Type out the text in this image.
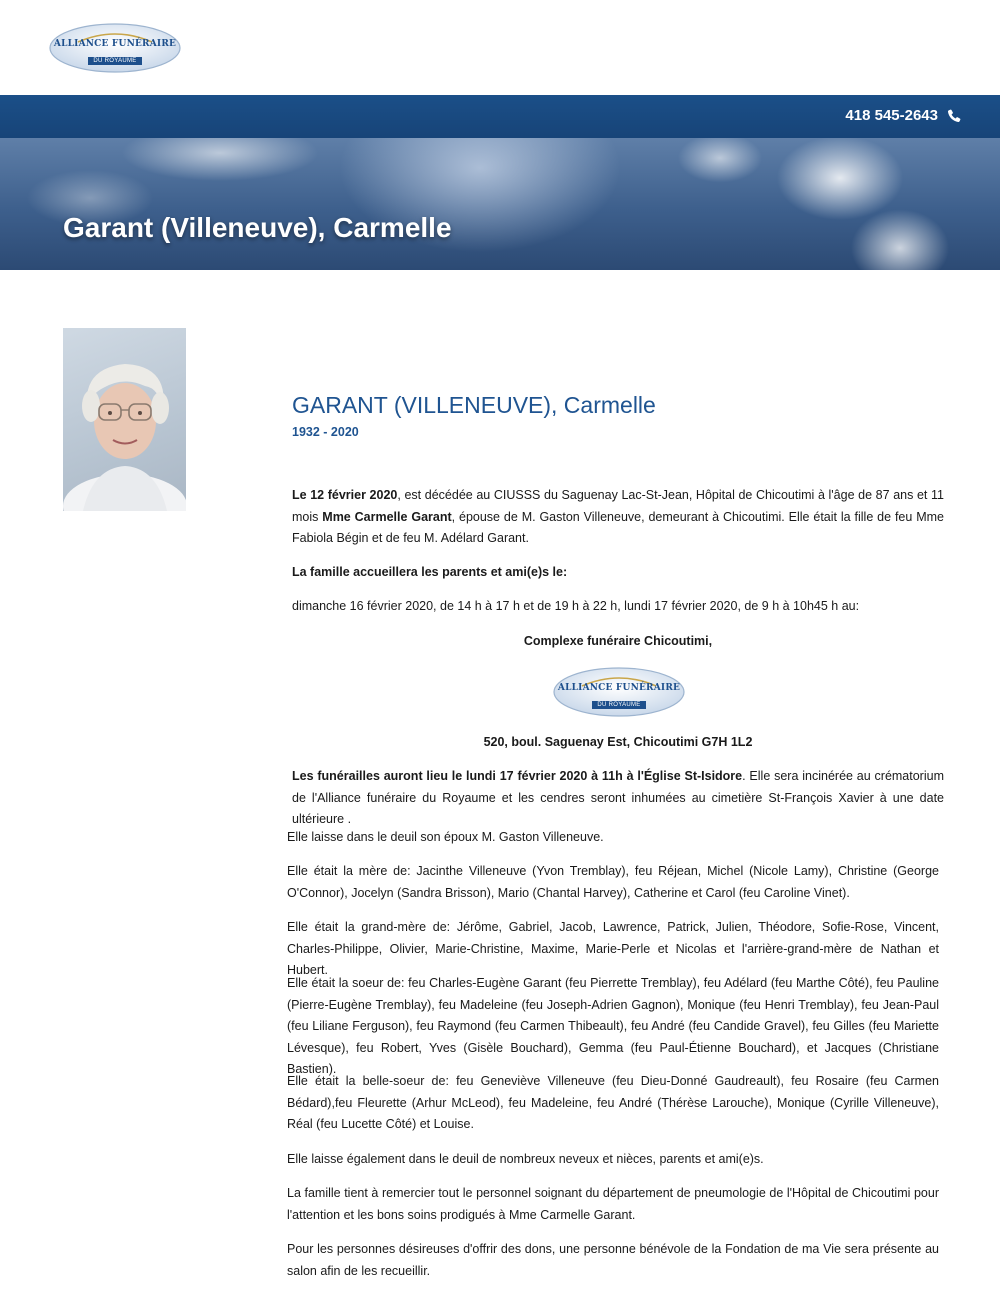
ALLIANCE FUNÉRAIRE
DU ROYAUME
418 545-2643
Garant (Villeneuve), Carmelle
GARANT (VILLENEUVE), Carmelle
1932 - 2020
Le 12 février 2020, est décédée au CIUSSS du Saguenay Lac-St-Jean, Hôpital de Chicoutimi à l'âge de 87 ans et 11 mois Mme Carmelle Garant, épouse de M. Gaston Villeneuve, demeurant à Chicoutimi. Elle était la fille de feu Mme Fabiola Bégin et de feu M. Adélard Garant.
La famille accueillera les parents et ami(e)s le:
dimanche 16 février 2020, de 14 h à 17 h et de 19 h à 22 h, lundi 17 février 2020, de 9 h à 10h45 h au:
Complexe funéraire Chicoutimi,
ALLIANCE FUNÉRAIRE
DU ROYAUME
520, boul. Saguenay Est, Chicoutimi G7H 1L2
Les funérailles auront lieu le lundi 17 février 2020 à 11h à l'Église St-Isidore. Elle sera incinérée au crématorium de l'Alliance funéraire du Royaume et les cendres seront inhumées au cimetière St-François Xavier à une date ultérieure .
Elle laisse dans le deuil son époux M. Gaston Villeneuve.
Elle était la mère de: Jacinthe Villeneuve (Yvon Tremblay), feu Réjean, Michel (Nicole Lamy), Christine (George O'Connor), Jocelyn (Sandra Brisson), Mario (Chantal Harvey), Catherine et Carol (feu Caroline Vinet).
Elle était la grand-mère de: Jérôme, Gabriel, Jacob, Lawrence, Patrick, Julien, Théodore, Sofie-Rose, Vincent, Charles-Philippe, Olivier, Marie-Christine, Maxime, Marie-Perle et Nicolas et l'arrière-grand-mère de Nathan et Hubert.
Elle était la soeur de: feu Charles-Eugène Garant (feu Pierrette Tremblay), feu Adélard (feu Marthe Côté), feu Pauline (Pierre-Eugène Tremblay), feu Madeleine (feu Joseph-Adrien Gagnon), Monique (feu Henri Tremblay), feu Jean-Paul (feu Liliane Ferguson), feu Raymond (feu Carmen Thibeault), feu André (feu Candide Gravel), feu Gilles (feu Mariette Lévesque), feu Robert, Yves (Gisèle Bouchard), Gemma (feu Paul-Étienne Bouchard), et Jacques (Christiane Bastien).
Elle était la belle-soeur de: feu Geneviève Villeneuve (feu Dieu-Donné Gaudreault), feu Rosaire (feu Carmen Bédard),feu Fleurette (Arhur McLeod), feu Madeleine, feu André (Thérèse Larouche), Monique (Cyrille Villeneuve), Réal (feu Lucette Côté) et Louise.
Elle laisse également dans le deuil de nombreux neveux et nièces, parents et ami(e)s.
La famille tient à remercier tout le personnel soignant du département de pneumologie de l'Hôpital de Chicoutimi pour l'attention et les bons soins prodigués à Mme Carmelle Garant.
Pour les personnes désireuses d'offrir des dons, une personne bénévole de la Fondation de ma Vie sera présente au salon afin de les recueillir.
